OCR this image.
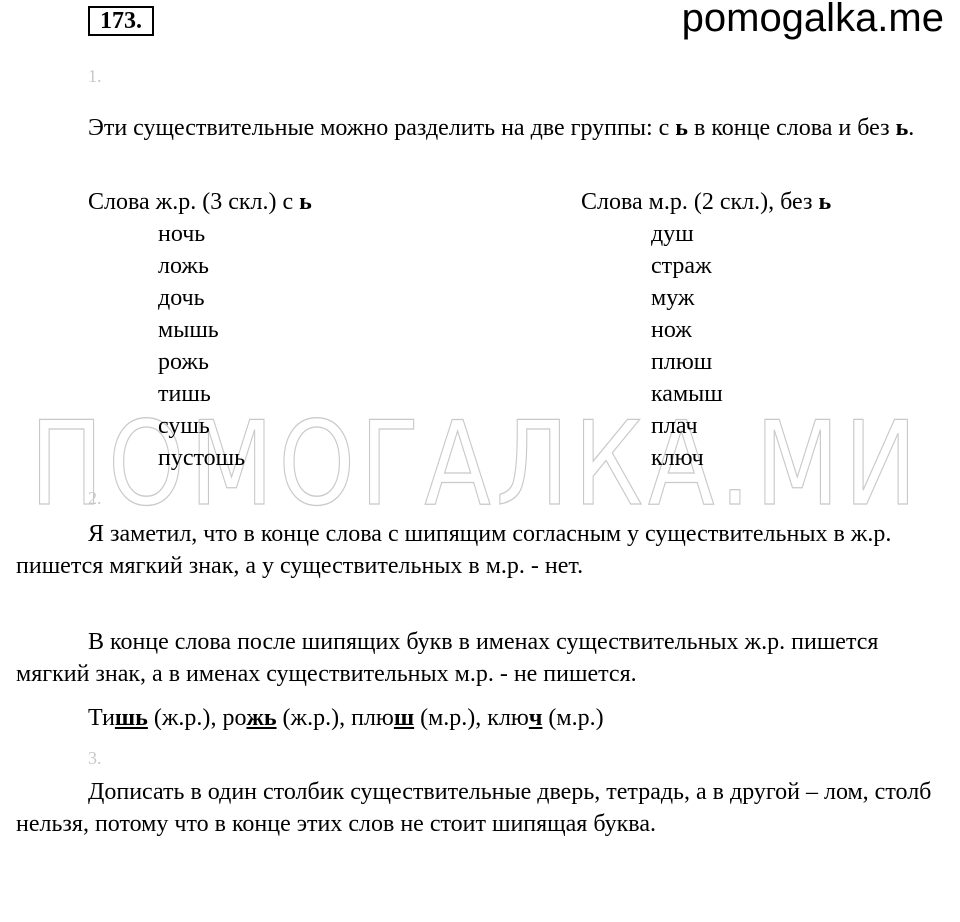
ПОМОГАЛКА.МИ
173.	pomogalka.me
1.
Эти существительные можно разделить на две группы: с ь в конце слова и без ь.
Слова ж.р. (3 скл.) с ь	Слова м.р. (2 скл.), без ь
ночь
ложь
дочь
мышь
рожь
тишь
сушь
пустошь
душ
страж
муж
нож
плюш
камыш
плач
ключ
2.
Я заметил, что в конце слова с шипящим согласным у существительных в ж.р. пишется мягкий знак, а у существительных в м.р. - нет.
В конце слова после шипящих букв в именах существительных ж.р. пишется мягкий знак, а в именах существительных м.р. - не пишется.
Тишь (ж.р.), рожь (ж.р.), плюш (м.р.), ключ (м.р.)
3.
Дописать в один столбик существительные дверь, тетрадь, а в другой – лом, столб нельзя, потому что в конце этих слов не стоит шипящая буква.
